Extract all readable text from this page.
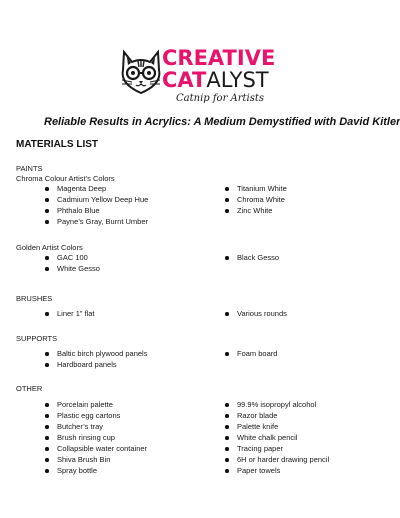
CREATIVE
CATALYST
Catnip for Artists
Reliable Results in Acrylics: A Medium Demystified with David Kitler
MATERIALS LIST
PAINTS
Chroma Colour Artist’s Colors
Magenta Deep
Cadmium Yellow Deep Hue
Phthalo Blue
Payne’s Gray, Burnt Umber
Titanium White
Chroma White
Zinc White
Golden Artist Colors
GAC 100
White Gesso
Black Gesso
BRUSHES
Liner 1” flat	Various rounds
SUPPORTS
Baltic birch plywood panels
Hardboard panels
Foam board
OTHER
Porcelain palette
Plastic egg cartons
Butcher’s tray
Brush rinsing cup
Collapsible water container
Shiva Brush Bin
Spray bottle
99.9% isopropyl alcohol
Razor blade
Palette knife
White chalk pencil
Tracing paper
6H or harder drawing pencil
Paper towels
